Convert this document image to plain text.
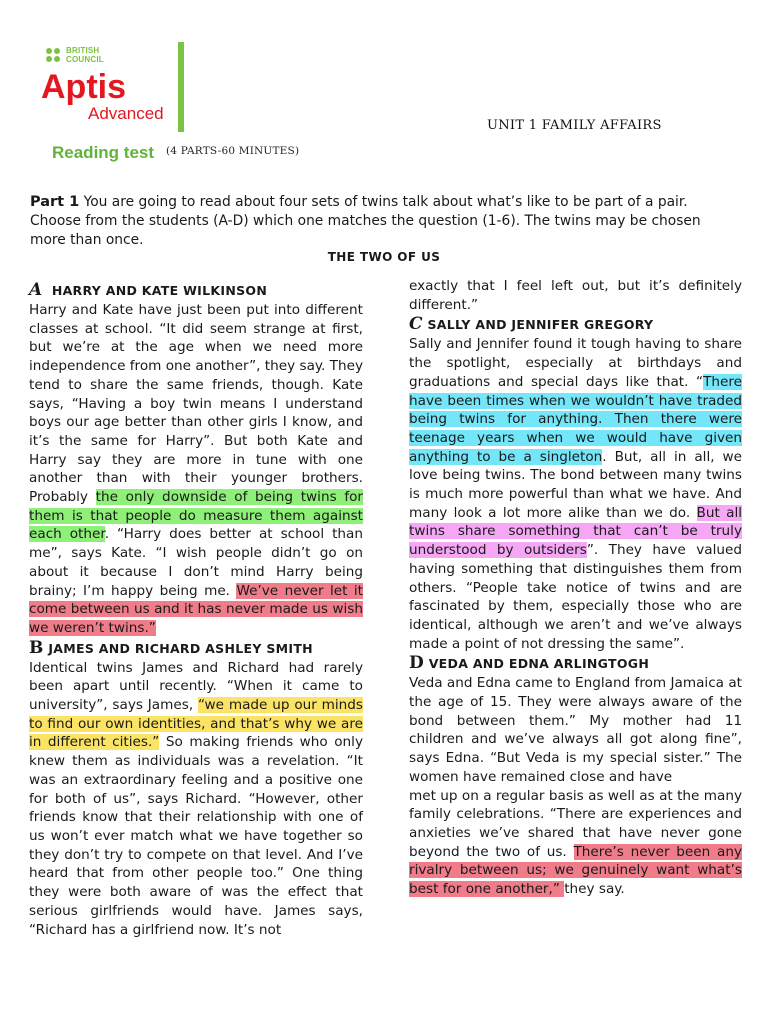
BRITISH
COUNCIL
Aptis
Advanced
Reading test	(4 PARTS-60 MINUTES)
UNIT 1 FAMILY AFFAIRS
Part 1 You are going to read about four sets of twins talk about what’s like to be part of a pair. Choose from the students (A-D) which one matches the question (1-6). The twins may be chosen more than once.
THE TWO OF US

A HARRY AND KATE WILKINSON

Harry and Kate have just been put into different classes at school. “It did seem strange at first, but we’re at the age when we need more independence from one another”, they say. They tend to share the same friends, though. Kate says, “Having a boy twin means I understand boys our age better than other girls I know, and it’s the same for Harry”. But both Kate and Harry say they are more in tune with one another than with their younger brothers. Probably the only downside of being twins for them is that people do measure them against each other. “Harry does better at school than me”, says Kate. “I wish people didn’t go on about it because I don’t mind Harry being brainy; I’m happy being me. We’ve never let it come between us and it has never made us wish we weren’t twins.”

B JAMES AND RICHARD ASHLEY SMITH

Identical twins James and Richard had rarely been apart until recently. “When it came to university”, says James, “we made up our minds to find our own identities, and that’s why we are in different cities.” So making friends who only knew them as individuals was a revelation. “It was an extraordinary feeling and a positive one for both of us”, says Richard. “However, other friends know that their relationship with one of us won’t ever match what we have together so they don’t try to compete on that level. And I’ve heard that from other people too.” One thing they were both aware of was the effect that serious girlfriends would have. James says, “Richard has a girlfriend now. It’s not

exactly that I feel left out, but it’s definitely different.”

C SALLY AND JENNIFER GREGORY

Sally and Jennifer found it tough having to share the spotlight, especially at birthdays and graduations and special days like that. “There have been times when we wouldn’t have traded being twins for anything. Then there were teenage years when we would have given anything to be a singleton. But, all in all, we love being twins. The bond between many twins is much more powerful than what we have. And many look a lot more alike than we do. But all twins share something that can’t be truly understood by outsiders”. They have valued having something that distinguishes them from others. “People take notice of twins and are fascinated by them, especially those who are identical, although we aren’t and we’ve always made a point of not dressing the same”.

D VEDA AND EDNA ARLINGTOGH

Veda and Edna came to England from Jamaica at the age of 15. They were always aware of the bond between them.” My mother had 11 children and we’ve always all got along fine”, says Edna. “But Veda is my special sister.” The women have remained close and have

met up on a regular basis as well as at the many family celebrations. “There are experiences and anxieties we’ve shared that have never gone beyond the two of us. There’s never been any rivalry between us; we genuinely want what’s best for one another,” they say.
